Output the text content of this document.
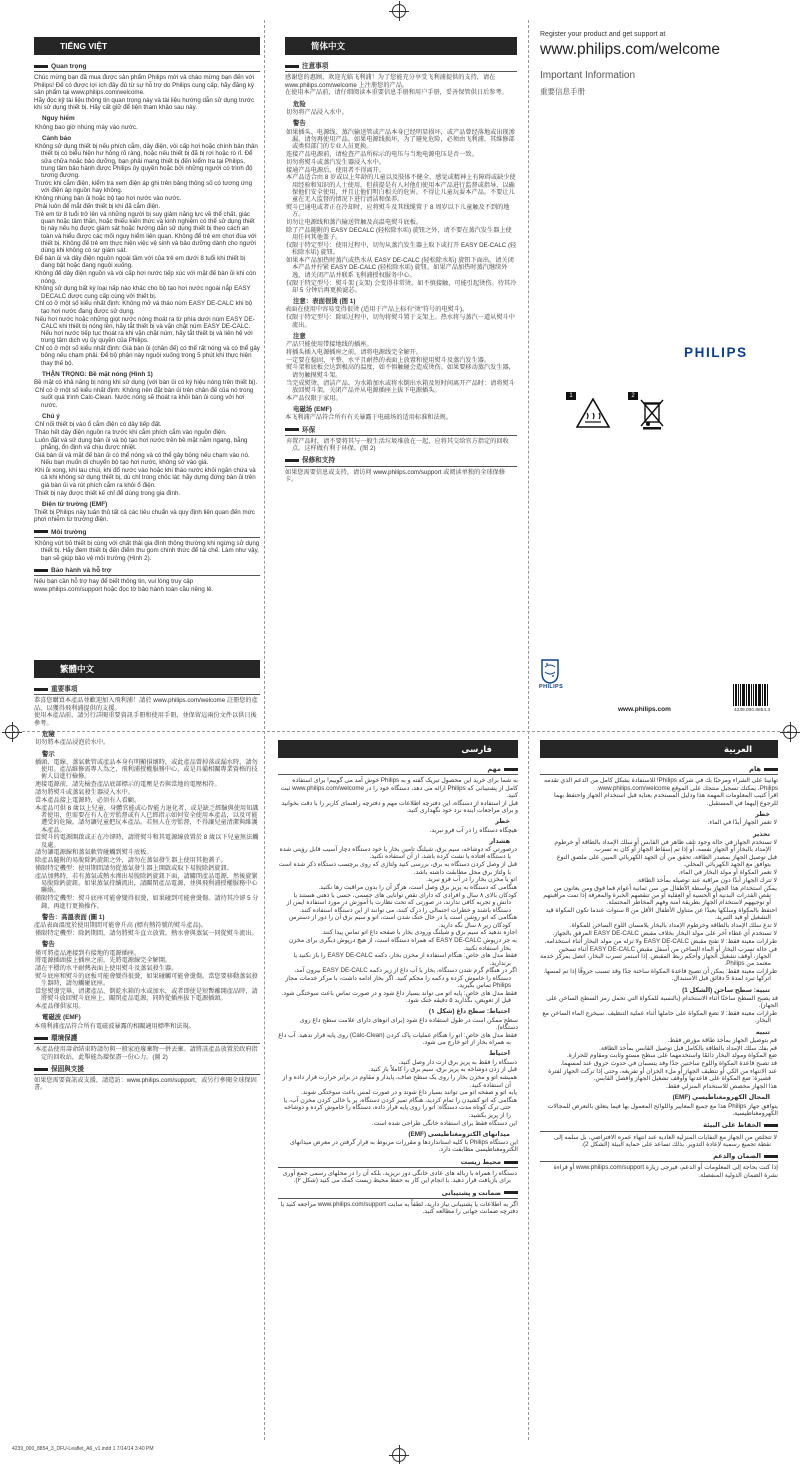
TIẾNG VIỆT
Quan trọng

Chúc mừng bạn đã mua được sản phẩm Philips mới và chào mừng bạn đến với Philips! Để có được lợi ích đầy đủ từ sự hỗ trợ do Philips cung cấp, hãy đăng ký sản phẩm tại www.philips.com/welcome.

Hãy đọc kỹ tài liệu thông tin quan trọng này và tài liệu hướng dẫn sử dụng trước khi sử dụng thiết bị. Hãy cất giữ để tiện tham khảo sau này.

Nguy hiểm
Không bao giờ nhúng máy vào nước.
Cảnh báo
Không sử dụng thiết bị nếu phích cắm, dây điện, vòi cấp hơi hoặc chính bản thân thiết bị có biểu hiện hư hỏng rõ ràng, hoặc nếu thiết bị đã bị rơi hoặc rò rỉ. Để sửa chữa hoặc bảo dưỡng, bạn phải mang thiết bị đến kiểm tra tại Philips, trung tâm bảo hành được Philips ủy quyền hoặc bởi những người có trình độ tương đương.
Trước khi cắm điện, kiểm tra xem điện áp ghi trên bảng thông số có tương ứng với điện áp nguồn hay không.
Không nhúng bàn ủi hoặc bộ tạo hơi nước vào nước.
Phải luôn để mắt đến thiết bị khi đã cắm điện.
Trẻ em từ 8 tuổi trở lên và những người bị suy giảm năng lực về thể chất, giác quan hoặc tâm thần, hoặc thiếu kiến thức và kinh nghiệm có thể sử dụng thiết bị này nếu họ được giám sát hoặc hướng dẫn sử dụng thiết bị theo cách an toàn và hiểu được các mối nguy hiểm liên quan. Không để trẻ em chơi đùa với thiết bị. Không để trẻ em thực hiện việc vệ sinh và bảo dưỡng dành cho người dùng khi không có sự giám sát.
Để bàn ủi và dây điện nguồn ngoài tầm với của trẻ em dưới 8 tuổi khi thiết bị đang bật hoặc đang nguội xuống.
Không để dây điện nguồn và vòi cấp hơi nước tiếp xúc với mặt đế bàn ủi khi còn nóng.
Không sử dụng bất kỳ loại nấp nào khác cho bộ tạo hơi nước ngoài nắp EASY DECALC được cung cấp cùng với thiết bị.
Chỉ có ở một số kiểu nhất định: Không mở và tháo núm EASY DE-CALC khi bộ tạo hơi nước đang được sử dụng.
Nếu hơi nước hoặc những giọt nước nóng thoát ra từ phía dưới núm EASY DE-CALC khi thiết bị nóng lên, hãy tắt thiết bị và vặn chặt núm EASY DE-CALC. Nếu hơi nước tiếp tục thoát ra khi vặn chặt núm, hãy tắt thiết bị và liên hệ với trung tâm dịch vụ ủy quyền của Philips.
Chỉ có ở một số kiểu nhất định: Giá bàn ủi (chân đế) có thể rất nóng và có thể gây bỏng nếu chạm phải. Để bộ phận này nguội xuống trong 5 phút khi thực hiện thay thế bộ.
THẬN TRỌNG: Bề mặt nóng (Hình 1)

Bề mặt có khả năng bị nóng khi sử dụng (với bàn ủi có ký hiệu nóng trên thiết bị).

Chỉ có ở một số kiểu nhất định: Không nên đặt bàn ủi trên chân đế của nó trong suốt quá trình Calc-Clean. Nước nóng sẽ thoát ra khỏi bàn ủi cùng với hơi nước.
Chú ý
Chỉ nối thiết bị vào ổ cắm điện có dây tiếp đất.
Tháo hết dây điện nguồn ra trước khi cắm phích cắm vào nguồn điện.
Luôn đặt và sử dụng bàn ủi và bộ tạo hơi nước trên bề mặt nằm ngang, bằng phẳng, ổn định và chịu được nhiệt.
Giá bàn ủi và mặt đế bàn ủi có thể nóng và có thể gây bỏng nếu chạm vào nó. Nếu bạn muốn di chuyển bộ tạo hơi nước, không sờ vào giá.
Khi ủi xong, khi lau chùi, khi đổ nước vào hoặc khi tháo nước khỏi ngăn chứa và cả khi không sử dụng thiết bị, dù chỉ trong chốc lát: hãy dựng đứng bàn ủi trên giá bàn ủi và rút phích cắm ra khỏi ổ điện.
Thiết bị này được thiết kế chỉ để dùng trong gia đình.
Điện từ trường (EMF)

Thiết bị Philips này tuân thủ tất cả các tiêu chuẩn và quy định liên quan đến mức phơi nhiễm từ trường điện.

Môi trường
Không vứt bỏ thiết bị cùng với chất thải gia đình thông thường khi ngừng sử dụng thiết bị. Hãy đem thiết bị đến điểm thu gom chính thức để tái chế. Làm như vậy, bạn sẽ giúp bảo vệ môi trường (Hình 2).
Bảo hành và hỗ trợ

Nếu bạn cần hỗ trợ hay để biết thông tin, vui lòng truy cập www.philips.com/support hoặc đọc tờ bảo hành toàn cầu riêng lẻ.

简体中文
注意事项

感谢您的惠顾，欢迎光临飞利浦！为了您能充分享受飞利浦提供的支持，请在 www.philips.com/welcome 上注册您的产品。

在使用本产品前，请仔细阅读本重要信息手册和用户手册，妥善保管供日后参考。

危险
切勿将产品浸入水中。
警告
如果插头、电源线、蒸汽输送管或产品本身已经明显损坏，或产品曾经落地或出现渗漏，请勿再使用产品。如果电源线损坏，为了避免危险，必须由飞利浦、其维修部或类似部门的专业人员更换。
连接产品电源前，请检查产品所标示的电压与当地电源电压是否一致。
切勿将熨斗或蒸汽发生器浸入水中。
接通产品电源后，使用者不得离开。
本产品适合由 8 岁或以上年龄的儿童以及肢体不健全、感觉或精神上有障碍或缺少使用经验和知识的人士使用，但前提是有人对他们使用本产品进行监督或指导，以确保他们安全使用，并且让他们明白相关的危害。不得让儿童玩耍本产品。不要让儿童在无人监督的情况下进行清洁和保养。
熨斗已通电或者正在冷却时，应将熨斗及其线缆置于 8 周岁以下儿童触及不到的地方。
切勿让电源线和蒸汽输送管触及高温电熨斗底板。
除了产品随附的 EASY DECALC (轻松除水垢) 旋钮之外，请不要在蒸汽发生器上使用任何其他盖子。
仅限于特定型号：使用过程中，切勿从蒸汽发生器上取下或打开 EASY DE-CALC (轻松除水垢) 旋钮。
如果本产品加热时蒸汽或热水从 EASY DE-CALC (轻松除水垢) 旋钮下面出，请关闭本产品并拧紧 EASY DE-CALC (轻松除水垢) 旋钮。如果产品加热时蒸汽继续外逸，请关闭产品并联系飞利浦授权服务中心。
仅限于特定型号：熨斗架 (支架) 会变得非常烫。如不慎接触，可能引起烫伤。待其冷却 5 分钟后再更换滤芯。
注意：表面很烫 (图 1)

表面在使用中容易变得很烫 (适用于产品上标有“烫”符号的电熨斗)。

仅限于特定型号：除垢过程中，切勿将熨斗置于支架上。热水将与蒸汽一道从熨斗中流出。
注意
产品只能使用带接地线的插座。
将插头插入电源插座之前，请将电源线完全解开。
一定要在稳固、平整、水平且耐热的表面上放置和使用熨斗及蒸汽发生器。
熨斗架和底板会达到极高的温度，如不慎触碰会造成烫伤。如果要移动蒸汽发生器，请勿触摸熨斗架。
当完成熨烫、清洁产品、为水箱加水或将水倒出水箱及短时间离开产品时：请将熨斗放回熨斗架，关闭产品并从电源插座上拔下电源插头。
本产品仅限于家用。
电磁场 (EMF)

本飞利浦产品符合所有有关暴露于电磁场的适用标准和法规。

环保
弃置产品时，请不要将其与一般生活垃圾堆放在一起，应将其交给官方指定的回收点。这样做有利于环保。(图 2)
保修和支持

如果您需要信息或支持，请访问 www.philips.com/support 或阅读单独的全球保修卡。

Register your product and get support at
www.philips.com/welcome
Important Information
重要信息手册
PHILIPS
1	2
PHILIPS
www.philips.com	4239.000.8854.3
繁體中文
重要事項

恭喜您購買本產品並歡迎加入飛利浦！請於 www.philips.com/welcome 註冊您的產品，以獲得飛利浦提供的支援。

使用本產品前，請另行詳閱重要資訊手冊和使用手冊，並保留這兩份文件以供日後參考。

危險
切勿將本產品浸泡於水中。
警示
插頭、電線、蒸氣軟管或產品本身有明顯損壞時，或此產品曾掉落或漏水時，請勿使用。產品維修需專人為之，飛利浦授權服務中心，或是具備相關專業資格的技術人員進行檢修。
連接電源前，請先檢查產品底部標示的電壓是否與當地的電壓相符。
請勿將熨斗或蒸氣發生器浸入水中。
當本產品接上電源時，必須有人看顧。
本產品可供 8 歲以上兒童，身體官能或心智能力退化者，或是缺乏經驗與使用知識者使用，但需要在有人在旁監督或有人已經指示如何安全使用本產品，以及可能遭受的危險。請勿讓兒童把玩本產品。若無人在旁監督，不得讓兒童清潔與維護本產品。
當熨斗的電源開啟或正在冷卻時，請將熨斗和其電源線放置於 8 歲以下兒童無法觸及處。
請勿讓電源線和蒸氣軟管碰觸到熨斗底板。
除產品隨附的易脫除鈣旋鈕之外，請勿在蒸氣發生器上使用其他蓋子。
僅限特定機型：使用期間請勿從蒸氣發生器上開啟或取下易脫除鈣旋鈕。
產品加熱時，若有蒸氣或熱水滲出易脫除鈣旋鈕下面，請關閉產品電源，然後旋緊易脫除鈣旋鈕。如果蒸氣持續流出，請關閉產品電源，並與飛利浦授權服務中心聯絡。
僅限特定機型：熨斗底座可能會變得很燙，如果碰到可能會燙傷。請待其冷卻 5 分鐘，再進行更換操作。
警告：高溫表面 (圖 1)

產品表面溫度於使用期間可能會升高 (標有熱符號的熨斗產品)。

僅限特定機型：除鈣期間，請勿將熨斗直立放置，熱水會與蒸氣一同從熨斗流出。
警告
僅可將產品連接到有接地的電源插座。
將電源插頭接上插座之前，先將電源線完全解開。
請在平穩的水平耐熱表面上使用熨斗及蒸氣發生器。
熨斗底座和熨斗的底板可能會變得很燙，如果碰觸可能會燙傷。當您要移動蒸氣發生器時，請勿觸碰底座。
當您熨燙完畢、清潔產品、倒乾水箱的水或加水，或者即使是短暫離開產品時，請將熨斗放回熨斗底座上，關閉產品電源，同時從插座拔下電源插頭。
本產品僅供家用。
電磁波 (EMF)

本飛利浦產品符合所有電磁波暴露的相關適用標準和法規。

環境保護
本產品使用壽命結束時請勿與一般家庭廢棄物一併丟棄。請將該產品放置於政府指定的回收站，此舉能為環保盡一份心力。(圖 2)
保固與支援

如果您需要資訊或支援，請造訪：www.philips.com/support，或另行參閱全球保固書。

فارسی
مهم

به شما برای خرید این محصول تبریک گفته و به Philips خوش آمد می گوییم! برای استفاده کامل از پشتیبانی که Philips ارائه می دهد، دستگاه خود را در www.philips.com/welcome ثبت کنید.

قبل از استفاده از دستگاه، این دفترچه اطلاعات مهم و دفترچه راهنمای کاربر را با دقت بخوانید و برای مراجعات آینده نزد خود نگهداری کنید.

خطر
هیچگاه دستگاه را در آب فرو نبرید.
هشدار
درصورتی که دوشاخه، سیم برق، شیلنگ تامین بخار یا خود دستگاه دچار آسیب قابل رؤیتی شده یا دستگاه افتاده یا نشت کرده باشد، از آن استفاده نکنید.
قبل از وصل کردن دستگاه به برق، بررسی کنید ولتاژی که روی برچسب دستگاه ذکر شده است با ولتاژ برق محل مطابقت داشته باشد.
اتو یا مخزن بخار را در آب فرو نبرید.
هنگامی که دستگاه به پریز برق وصل است، هرگز آن را بدون مراقبت رها نکنید.
کودکان بالای ۸ سال و افرادی که دارای نقص توانایی های جسمی، حسی یا ذهنی هستند یا دانش و تجربه کافی ندارند، در صورتی که تحت نظارت یا آموزش در مورد استفاده ایمن از دستگاه باشند و خطرات احتمالی را درک کنند، می توانند از این دستگاه استفاده کنند.
هنگامی که اتو روشن است یا در حال خنک شدن است، اتو و سیم برق آن را دور از دسترس کودکان زیر ۸ سال نگه دارید.
اجازه ندهید که سیم برق و شیلنگ ورودی بخار با صفحه داغ اتو تماس پیدا کنند.
به جز درپوش EASY DE-CALC که همراه دستگاه است، از هیچ درپوش دیگری برای مخزن بخار استفاده نکنید.
فقط مدل های خاص: هنگام استفاده از مخزن بخار، دکمه EASY DE-CALC را باز نکنید یا برندارید.
اگر در هنگام گرم شدن دستگاه، بخار یا آب داغ از زیر دکمه EASY DE-CALC بیرون آمد، دستگاه را خاموش کرده و دکمه را محکم کنید. اگر بخار ادامه داشت، با مرکز خدمات مجاز Philips تماس بگیرید.
فقط مدل های خاص: پایه اتو می تواند بسیار داغ شود و در صورت تماس باعث سوختگی شود. قبل از تعویض، بگذارید ۵ دقیقه خنک شود.
احتیاط: سطح داغ (شکل ۱)

سطح ممکن است در طول استفاده داغ شود (برای اتوهای دارای علامت سطح داغ روی دستگاه).

فقط مدل های خاص: اتو را هنگام عملیات پاک کردن (Calc-Clean) روی پایه قرار ندهید. آب داغ به همراه بخار از اتو خارج می شود.
احتیاط
دستگاه را فقط به پریز برق ارت دار وصل کنید.
قبل از زدن دوشاخه به پریز برق، سیم برق را کاملاً باز کنید.
همیشه اتو و مخزن بخار را روی یک سطح صاف، پایدار و مقاوم در برابر حرارت قرار داده و از آن استفاده کنید.
پایه اتو و صفحه اتو می توانند بسیار داغ شوند و در صورت لمس باعث سوختگی شوند.
هنگامی که اتو کشیدن را تمام کردید، هنگام تمیز کردن دستگاه، پر یا خالی کردن مخزن آب، یا حتی ترک کوتاه مدت دستگاه: اتو را روی پایه قرار داده، دستگاه را خاموش کرده و دوشاخه را از پریز بکشید.
این دستگاه فقط برای استفاده خانگی طراحی شده است.
میدانهای الکترومغناطیسی (EMF)

این دستگاه Philips با کلیه استانداردها و مقررات مربوط به قرار گرفتن در معرض میدانهای الکترومغناطیسی مطابقت دارد.

محیط زیست
دستگاه را همراه با زباله های عادی خانگی دور نریزید، بلکه آن را در محلهای رسمی جمع آوری برای بازیافت قرار دهید. با انجام این کار به حفظ محیط زیست کمک می کنید (شکل ۲).
ضمانت و پشتیبانی

اگر به اطلاعات یا پشتیبانی نیاز دارید، لطفاً به سایت www.philips.com/support مراجعه کنید یا دفترچه ضمانت جهانی را مطالعه کنید.

العربية
هام

تهانينا على الشراء ومرحبًا بك في شركة Philips! للاستفادة بشكل كامل من الدعم الذي تقدمه Philips، يمكنك تسجيل منتجك على الموقع www.philips.com/welcome.

اقرأ كتيب المعلومات المهمة هذا ودليل المستخدم بعناية قبل استخدام الجهاز واحتفظ بهما للرجوع إليهما في المستقبل.

خطر
لا تغمر الجهاز أبدًا في الماء.
تحذير
لا تستخدم الجهاز في حالة وجود تلف ظاهر في القابس أو سلك الإمداد بالطاقة أو خرطوم الإمداد بالبخار أو الجهاز نفسه، أو إذا تم إسقاط الجهاز أو كان به تسرب.
قبل توصيل الجهاز بمصدر الطاقة، تحقق من أن الجهد الكهربائي المبين على ملصق النوع يتوافق مع الجهد الكهربائي المحلي.
لا تغمر المكواة أو مولد البخار في الماء.
لا تترك الجهاز أبدًا دون مراقبة عند توصيله بمأخذ الطاقة.
يمكن استخدام هذا الجهاز بواسطة الأطفال من سن ثمانية أعوام فما فوق ومن يعانون من نقص القدرات البدنية أو الحسية أو العقلية أو من تنقصهم الخبرة والمعرفة إذا تمت مراقبتهم أو توجيههم لاستخدام الجهاز بطريقة آمنة وفهم المخاطر المحتملة.
احتفظ بالمكواة وسلكها بعيدًا عن متناول الأطفال الأقل من 8 سنوات عندما تكون المكواة قيد التشغيل أو قيد التبريد.
لا تدع سلك الإمداد بالطاقة وخرطوم الإمداد بالبخار يلامسان اللوح الساخن للمكواة.
لا تستخدم أي غطاء آخر على مولد البخار بخلاف مقبض EASY DE-CALC المرفق بالجهاز.
طرازات معينة فقط: لا تفتح مقبض EASY DE-CALC ولا تزله من مولد البخار أثناء استخدامه.
في حالة تسرب البخار أو الماء الساخن من أسفل مقبض EASY DE-CALC أثناء تسخين الجهاز، أوقف تشغيل الجهاز وأحكم ربط المقبض. إذا استمر تسرب البخار، اتصل بمركز خدمة معتمد من Philips.
طرازات معينة فقط: يمكن أن تصبح قاعدة المكواة ساخنة جدًا وقد تسبب حروقًا إذا تم لمسها. اتركها تبرد لمدة 5 دقائق قبل الاستبدال.
تنبيه: سطح ساخن (الشكل 1)

قد يصبح السطح ساخنًا أثناء الاستخدام (بالنسبة للمكواة التي تحمل رمز السطح الساخن على الجهاز).

طرازات معينة فقط: لا تضع المكواة على حاملها أثناء عملية التنظيف. سيخرج الماء الساخن مع البخار.
تنبيه
قم بتوصيل الجهاز بمأخذ طاقة مؤرض فقط.
قم بفك سلك الإمداد بالطاقة بالكامل قبل توصيل القابس بمأخذ الطاقة.
ضع المكواة ومولد البخار دائمًا واستخدمهما على سطح مستوٍ وثابت ومقاوم للحرارة.
قد تصبح قاعدة المكواة واللوح ساخنين جدًا وقد يتسببان في حدوث حروق عند لمسهما.
عند الانتهاء من الكي أو تنظيف الجهاز أو ملء الخزان أو تفريغه، وحتى إذا تركت الجهاز لفترة قصيرة: ضع المكواة على قاعدتها وأوقف تشغيل الجهاز وافصل القابس.
هذا الجهاز مخصص للاستخدام المنزلي فقط.
المجال الكهرومغناطيسي (EMF)

يتوافق جهاز Philips هذا مع جميع المعايير واللوائح المعمول بها فيما يتعلق بالتعرض للمجالات الكهرومغناطيسية.

الحفاظ على البيئة
لا تتخلص من الجهاز مع النفايات المنزلية العادية عند انتهاء عمره الافتراضي، بل سلمه إلى نقطة تجميع رسمية لإعادة التدوير. بذلك تساعد على حماية البيئة (الشكل 2).
الضمان والدعم

إذا كنت بحاجة إلى المعلومات أو الدعم، فيرجى زيارة www.philips.com/support أو قراءة نشرة الضمان الدولية المنفصلة.

4239_000_8854_3_DFU-Leaflet_A6_v1.indd 1 7/14/14 3:40 PM
